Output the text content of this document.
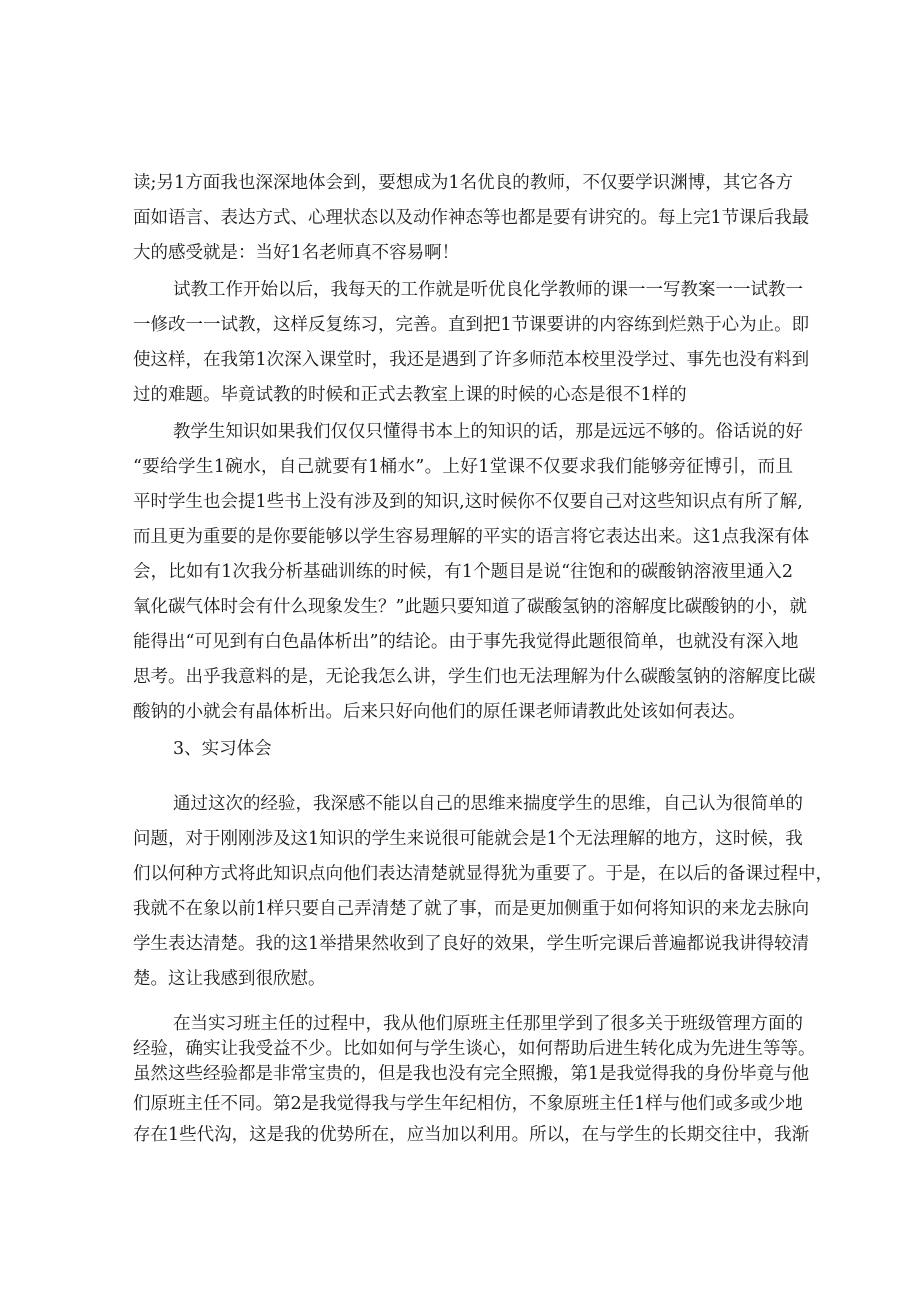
读;另1方面我也深深地体会到，要想成为1名优良的教师，不仅要学识渊博，其它各方
面如语言、表达方式、心理状态以及动作神态等也都是要有讲究的。每上完1节课后我最
大的感受就是：当好1名老师真不容易啊！
试教工作开始以后，我每天的工作就是听优良化学教师的课一一写教案一一试教一
一修改一一试教，这样反复练习，完善。直到把1节课要讲的内容练到烂熟于心为止。即
使这样，在我第1次深入课堂时，我还是遇到了许多师范本校里没学过、事先也没有料到
过的难题。毕竟试教的时候和正式去教室上课的时候的心态是很不1样的
教学生知识如果我们仅仅只懂得书本上的知识的话，那是远远不够的。俗话说的好
“要给学生1碗水，自己就要有1桶水”。上好1堂课不仅要求我们能够旁征博引，而且
平时学生也会提1些书上没有涉及到的知识,这时候你不仅要自己对这些知识点有所了解,
而且更为重要的是你要能够以学生容易理解的平实的语言将它表达出来。这1点我深有体
会，比如有1次我分析基础训练的时候，有1个题目是说“往饱和的碳酸钠溶液里通入2
氧化碳气体时会有什么现象发生？”此题只要知道了碳酸氢钠的溶解度比碳酸钠的小，就
能得出“可见到有白色晶体析出”的结论。由于事先我觉得此题很简单，也就没有深入地
思考。出乎我意料的是，无论我怎么讲，学生们也无法理解为什么碳酸氢钠的溶解度比碳
酸钠的小就会有晶体析出。后来只好向他们的原任课老师请教此处该如何表达。
3、实习体会
通过这次的经验，我深感不能以自己的思维来揣度学生的思维，自己认为很简单的
问题，对于刚刚涉及这1知识的学生来说很可能就会是1个无法理解的地方，这时候，我
们以何种方式将此知识点向他们表达清楚就显得犹为重要了。于是，在以后的备课过程中，
我就不在象以前1样只要自己弄清楚了就了事，而是更加侧重于如何将知识的来龙去脉向
学生表达清楚。我的这1举措果然收到了良好的效果，学生听完课后普遍都说我讲得较清
楚。这让我感到很欣慰。
在当实习班主任的过程中，我从他们原班主任那里学到了很多关于班级管理方面的
经验，确实让我受益不少。比如如何与学生谈心，如何帮助后进生转化成为先进生等等。
虽然这些经验都是非常宝贵的，但是我也没有完全照搬，第1是我觉得我的身份毕竟与他
们原班主任不同。第2是我觉得我与学生年纪相仿，不象原班主任1样与他们或多或少地
存在1些代沟，这是我的优势所在，应当加以利用。所以，在与学生的长期交往中，我渐
